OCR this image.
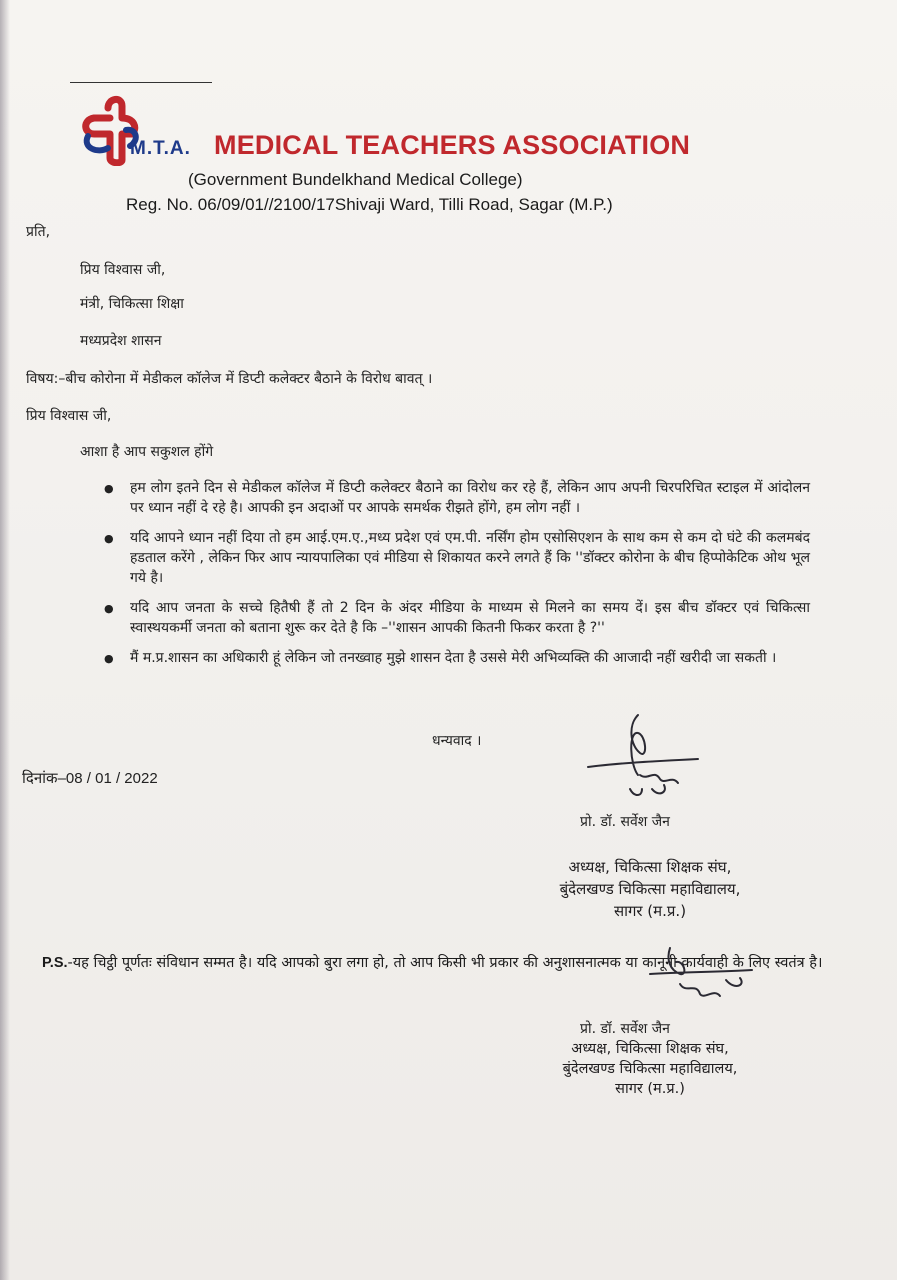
M.T.A. MEDICAL TEACHERS ASSOCIATION
(Government Bundelkhand Medical College)
Reg. No. 06/09/01//2100/17Shivaji Ward, Tilli Road, Sagar (M.P.)
प्रति,
प्रिय विश्वास जी,
मंत्री, चिकित्सा शिक्षा
मध्यप्रदेश शासन
विषय:–बीच कोरोना में मेडीकल कॉलेज में डिप्टी कलेक्टर बैठाने के विरोध बावत् ।
प्रिय विश्वास जी,
आशा है आप सकुशल होंगे
● हम लोग इतने दिन से मेडीकल कॉलेज में डिप्टी कलेक्टर बैठाने का विरोध कर रहे हैं, लेकिन आप अपनी चिरपरिचित स्टाइल में आंदोलन पर ध्यान नहीं दे रहे है। आपकी इन अदाओं पर आपके समर्थक रीझते होंगे, हम लोग नहीं ।
● यदि आपने ध्यान नहीं दिया तो हम आई.एम.ए.,मध्य प्रदेश एवं एम.पी. नर्सिंग होम एसोसिएशन के साथ कम से कम दो घंटे की कलमबंद हडताल करेंगे , लेकिन फिर आप न्यायपालिका एवं मीडिया से शिकायत करने लगते हैं कि ''डॉक्टर कोरोना के बीच हिप्पोकेटिक ओथ भूल गये है।
● यदि आप जनता के सच्चे हितैषी हैं तो 2 दिन के अंदर मीडिया के माध्यम से मिलने का समय दें। इस बीच डॉक्टर एवं चिकित्सा स्वास्थयकर्मी जनता को बताना शुरू कर देते है कि –''शासन आपकी कितनी फिकर करता है ?''
● मैं म.प्र.शासन का अधिकारी हूं लेकिन जो तनख्वाह मुझे शासन देता है उससे मेरी अभिव्यक्ति की आजादी नहीं खरीदी जा सकती ।
धन्यवाद ।
दिनांक–08 / 01 / 2022
प्रो. डॉ. सर्वेश जैन
अध्यक्ष, चिकित्सा शिक्षक संघ,
बुंदेलखण्ड चिकित्सा महाविद्यालय,
सागर (म.प्र.)
P.S.-यह चिट्ठी पूर्णतः संविधान सम्मत है। यदि आपको बुरा लगा हो, तो आप किसी भी प्रकार की अनुशासनात्मक या कानूनी कार्यवाही के लिए स्वतंत्र है।
प्रो. डॉ. सर्वेश जैन
अध्यक्ष, चिकित्सा शिक्षक संघ,
बुंदेलखण्ड चिकित्सा महाविद्यालय,
सागर (म.प्र.)
